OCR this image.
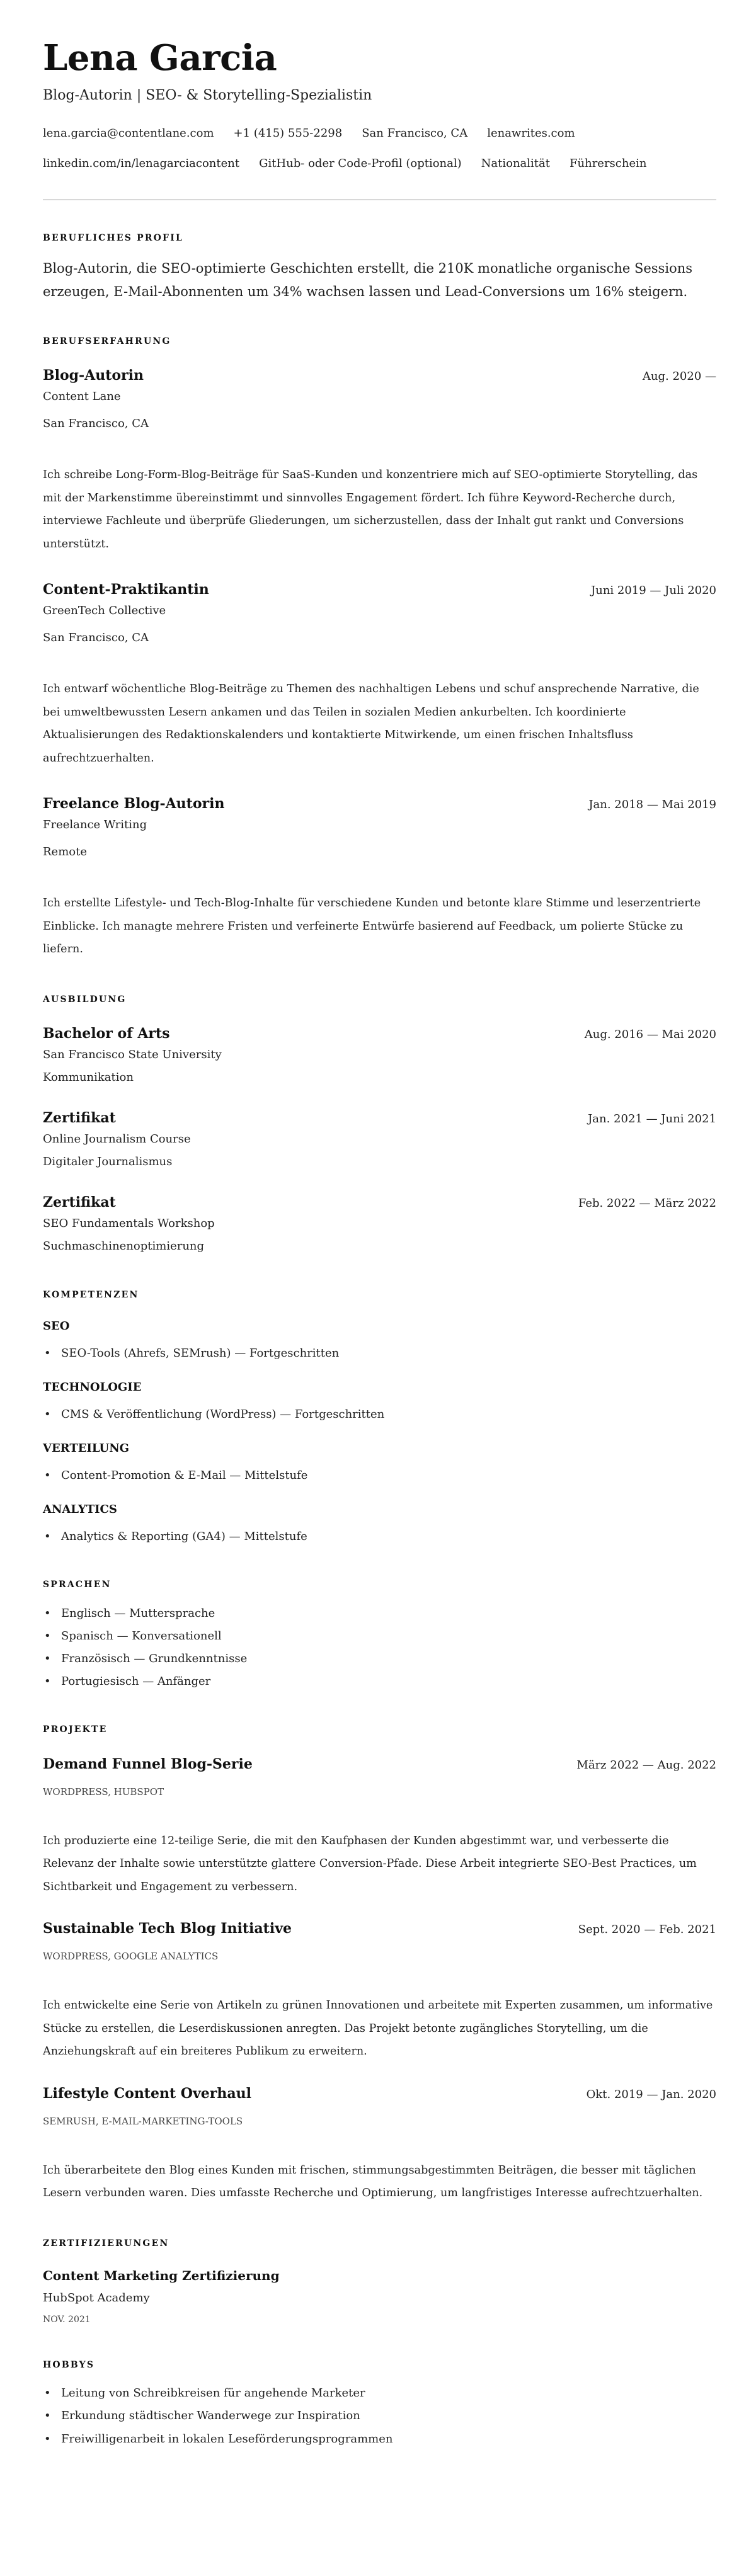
Lena Garcia
Blog-Autorin | SEO- & Storytelling-Spezialistin
lena.garcia@contentlane.com +1 (415) 555-2298 San Francisco, CA lenawrites.com
linkedin.com/in/lenagarciacontent GitHub- oder Code-Profil (optional) Nationalität Führerschein
BERUFLICHES PROFIL
Blog-Autorin, die SEO-optimierte Geschichten erstellt, die 210K monatliche organische Sessions erzeugen, E-Mail-Abonnenten um 34% wachsen lassen und Lead-Conversions um 16% steigern.
BERUFSERFAHRUNG
Blog-Autorin	Aug. 2020 —
Content Lane
San Francisco, CA
Ich schreibe Long-Form-Blog-Beiträge für SaaS-Kunden und konzentriere mich auf SEO-optimierte Storytelling, das mit der Markenstimme übereinstimmt und sinnvolles Engagement fördert. Ich führe Keyword-Recherche durch, interviewe Fachleute und überprüfe Gliederungen, um sicherzustellen, dass der Inhalt gut rankt und Conversions unterstützt.
Content-Praktikantin	Juni 2019 — Juli 2020
GreenTech Collective
San Francisco, CA
Ich entwarf wöchentliche Blog-Beiträge zu Themen des nachhaltigen Lebens und schuf ansprechende Narrative, die bei umweltbewussten Lesern ankamen und das Teilen in sozialen Medien ankurbelten. Ich koordinierte Aktualisierungen des Redaktionskalenders und kontaktierte Mitwirkende, um einen frischen Inhaltsfluss aufrechtzuerhalten.
Freelance Blog-Autorin	Jan. 2018 — Mai 2019
Freelance Writing
Remote
Ich erstellte Lifestyle- und Tech-Blog-Inhalte für verschiedene Kunden und betonte klare Stimme und leserzentrierte Einblicke. Ich managte mehrere Fristen und verfeinerte Entwürfe basierend auf Feedback, um polierte Stücke zu liefern.
AUSBILDUNG
Bachelor of Arts	Aug. 2016 — Mai 2020
San Francisco State University
Kommunikation
Zertifikat	Jan. 2021 — Juni 2021
Online Journalism Course
Digitaler Journalismus
Zertifikat	Feb. 2022 — März 2022
SEO Fundamentals Workshop
Suchmaschinenoptimierung
KOMPETENZEN
SEO
• SEO-Tools (Ahrefs, SEMrush) — Fortgeschritten
TECHNOLOGIE
• CMS & Veröffentlichung (WordPress) — Fortgeschritten
VERTEILUNG
• Content-Promotion & E-Mail — Mittelstufe
ANALYTICS
• Analytics & Reporting (GA4) — Mittelstufe
SPRACHEN
• Englisch — Muttersprache
• Spanisch — Konversationell
• Französisch — Grundkenntnisse
• Portugiesisch — Anfänger
PROJEKTE
Demand Funnel Blog-Serie	März 2022 — Aug. 2022
WORDPRESS, HUBSPOT
Ich produzierte eine 12-teilige Serie, die mit den Kaufphasen der Kunden abgestimmt war, und verbesserte die Relevanz der Inhalte sowie unterstützte glattere Conversion-Pfade. Diese Arbeit integrierte SEO-Best Practices, um Sichtbarkeit und Engagement zu verbessern.
Sustainable Tech Blog Initiative	Sept. 2020 — Feb. 2021
WORDPRESS, GOOGLE ANALYTICS
Ich entwickelte eine Serie von Artikeln zu grünen Innovationen und arbeitete mit Experten zusammen, um informative Stücke zu erstellen, die Leserdiskussionen anregten. Das Projekt betonte zugängliches Storytelling, um die Anziehungskraft auf ein breiteres Publikum zu erweitern.
Lifestyle Content Overhaul	Okt. 2019 — Jan. 2020
SEMRUSH, E-MAIL-MARKETING-TOOLS
Ich überarbeitete den Blog eines Kunden mit frischen, stimmungsabgestimmten Beiträgen, die besser mit täglichen Lesern verbunden waren. Dies umfasste Recherche und Optimierung, um langfristiges Interesse aufrechtzuerhalten.
ZERTIFIZIERUNGEN
Content Marketing Zertifizierung
HubSpot Academy
NOV. 2021
HOBBYS
• Leitung von Schreibkreisen für angehende Marketer
• Erkundung städtischer Wanderwege zur Inspiration
• Freiwilligenarbeit in lokalen Leseförderungsprogrammen
